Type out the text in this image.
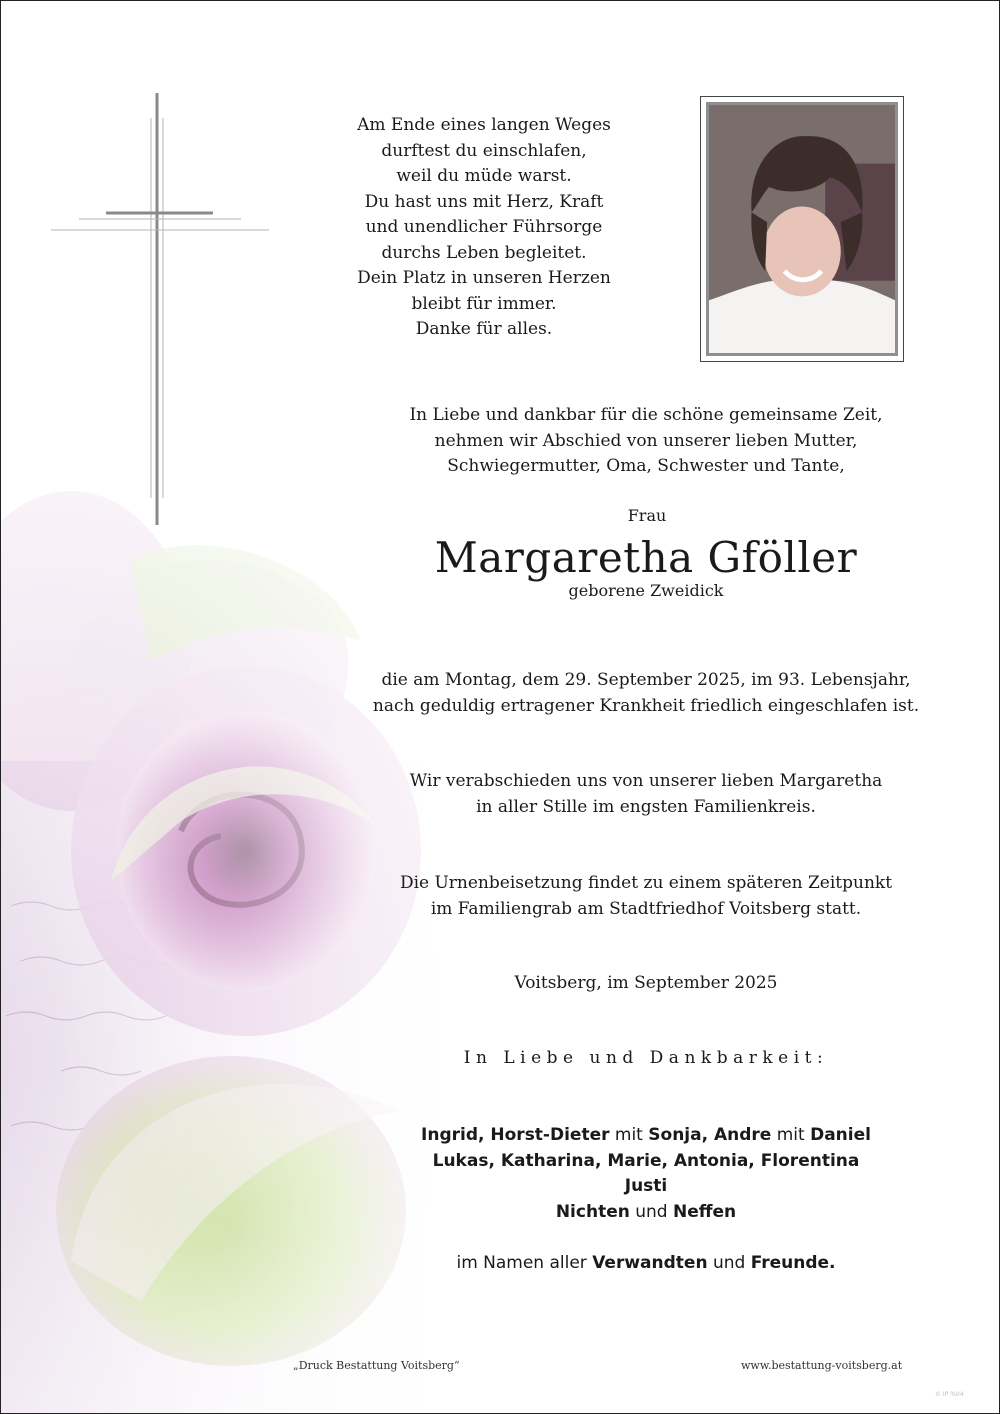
Am Ende eines langen Weges
durftest du einschlafen,
weil du müde warst.
Du hast uns mit Herz, Kraft
und unendlicher Führsorge
durchs Leben begleitet.
Dein Platz in unseren Herzen
bleibt für immer.
Danke für alles.
In Liebe und dankbar für die schöne gemeinsame Zeit,
nehmen wir Abschied von unserer lieben Mutter,
Schwiegermutter, Oma, Schwester und Tante,
Frau
Margaretha Gföller
geborene Zweidick
die am Montag, dem 29. September 2025, im 93. Lebensjahr,
nach geduldig ertragener Krankheit friedlich eingeschlafen ist.
Wir verabschieden uns von unserer lieben Margaretha
in aller Stille im engsten Familienkreis.
Die Urnenbeisetzung findet zu einem späteren Zeitpunkt
im Familiengrab am Stadtfriedhof Voitsberg statt.
Voitsberg, im September 2025
In Liebe und Dankbarkeit:
Ingrid, Horst-Dieter mit Sonja, Andre mit Daniel
Lukas, Katharina, Marie, Antonia, Florentina
Justi
Nichten und Neffen
im Namen aller Verwandten und Freunde.
„Druck Bestattung Voitsberg“	www.bestattung-voitsberg.at
© IP %04
